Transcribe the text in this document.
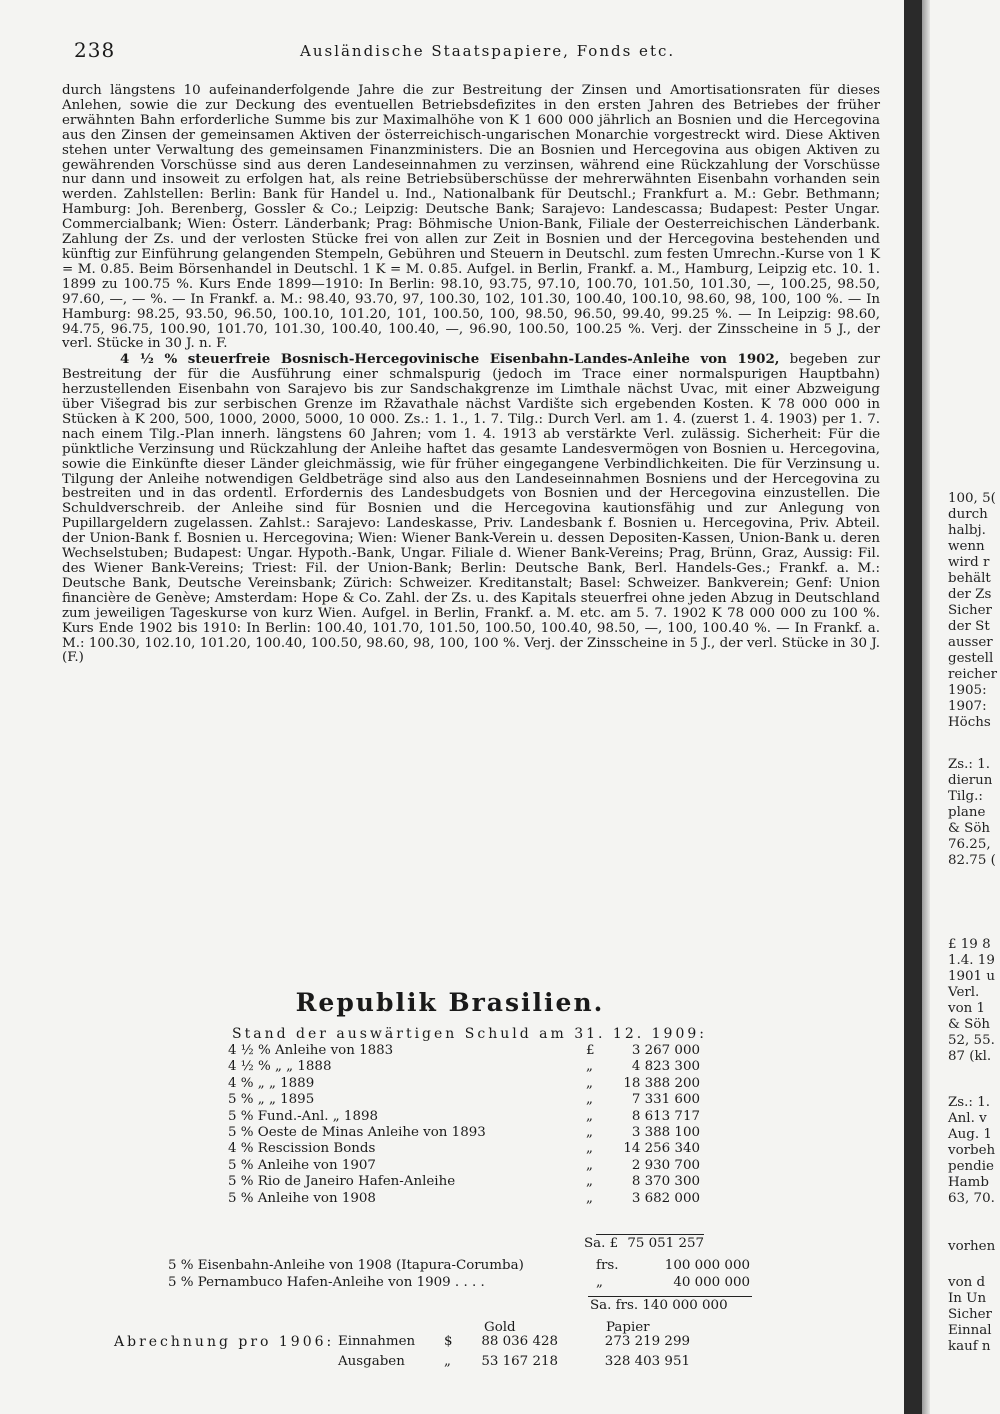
238	Ausländische Staatspapiere, Fonds etc.

durch längstens 10 aufeinanderfolgende Jahre die zur Bestreitung der Zinsen und Amortisationsraten für dieses Anlehen, sowie die zur Deckung des eventuellen Betriebsdefizites in den ersten Jahren des Betriebes der früher erwähnten Bahn erforderliche Summe bis zur Maximalhöhe von K 1 600 000 jährlich an Bosnien und die Hercegovina aus den Zinsen der gemeinsamen Aktiven der österreichisch-ungarischen Monarchie vorgestreckt wird. Diese Aktiven stehen unter Verwaltung des gemeinsamen Finanzministers. Die an Bosnien und Hercegovina aus obigen Aktiven zu gewährenden Vorschüsse sind aus deren Landeseinnahmen zu verzinsen, während eine Rückzahlung der Vorschüsse nur dann und insoweit zu erfolgen hat, als reine Betriebsüberschüsse der mehrerwähnten Eisenbahn vorhanden sein werden. Zahlstellen: Berlin: Bank für Handel u. Ind., Nationalbank für Deutschl.; Frankfurt a. M.: Gebr. Bethmann; Hamburg: Joh. Berenberg, Gossler & Co.; Leipzig: Deutsche Bank; Sarajevo: Landescassa; Budapest: Pester Ungar. Commercialbank; Wien: Österr. Länderbank; Prag: Böhmische Union-Bank, Filiale der Oesterreichischen Länderbank. Zahlung der Zs. und der verlosten Stücke frei von allen zur Zeit in Bosnien und der Hercegovina bestehenden und künftig zur Einführung gelangenden Stempeln, Gebühren und Steuern in Deutschl. zum festen Umrechn.-Kurse von 1 K = M. 0.85. Beim Börsenhandel in Deutschl. 1 K = M. 0.85. Aufgel. in Berlin, Frankf. a. M., Hamburg, Leipzig etc. 10. 1. 1899 zu 100.75 %. Kurs Ende 1899—1910: In Berlin: 98.10, 93.75, 97.10, 100.70, 101.50, 101.30, —, 100.25, 98.50, 97.60, —, — %. — In Frankf. a. M.: 98.40, 93.70, 97, 100.30, 102, 101.30, 100.40, 100.10, 98.60, 98, 100, 100 %. — In Hamburg: 98.25, 93.50, 96.50, 100.10, 101.20, 101, 100.50, 100, 98.50, 96.50, 99.40, 99.25 %. — In Leipzig: 98.60, 94.75, 96.75, 100.90, 101.70, 101.30, 100.40, 100.40, —, 96.90, 100.50, 100.25 %. Verj. der Zinsscheine in 5 J., der verl. Stücke in 30 J. n. F.

4 ½ % steuerfreie Bosnisch-Hercegovinische Eisenbahn-Landes-Anleihe von 1902, begeben zur Bestreitung der für die Ausführung einer schmalspurig (jedoch im Trace einer normalspurigen Hauptbahn) herzustellenden Eisenbahn von Sarajevo bis zur Sandschakgrenze im Limthale nächst Uvac, mit einer Abzweigung über Višegrad bis zur serbischen Grenze im Ržavathale nächst Vardište sich ergebenden Kosten. K 78 000 000 in Stücken à K 200, 500, 1000, 2000, 5000, 10 000. Zs.: 1. 1., 1. 7. Tilg.: Durch Verl. am 1. 4. (zuerst 1. 4. 1903) per 1. 7. nach einem Tilg.-Plan innerh. längstens 60 Jahren; vom 1. 4. 1913 ab verstärkte Verl. zulässig. Sicherheit: Für die pünktliche Verzinsung und Rückzahlung der Anleihe haftet das gesamte Landesvermögen von Bosnien u. Hercegovina, sowie die Einkünfte dieser Länder gleichmässig, wie für früher eingegangene Verbindlichkeiten. Die für Verzinsung u. Tilgung der Anleihe notwendigen Geldbeträge sind also aus den Landeseinnahmen Bosniens und der Hercegovina zu bestreiten und in das ordentl. Erfordernis des Landesbudgets von Bosnien und der Hercegovina einzustellen. Die Schuldverschreib. der Anleihe sind für Bosnien und die Hercegovina kautionsfähig und zur Anlegung von Pupillargeldern zugelassen. Zahlst.: Sarajevo: Landeskasse, Priv. Landesbank f. Bosnien u. Hercegovina, Priv. Abteil. der Union-Bank f. Bosnien u. Hercegovina; Wien: Wiener Bank-Verein u. dessen Depositen-Kassen, Union-Bank u. deren Wechselstuben; Budapest: Ungar. Hypoth.-Bank, Ungar. Filiale d. Wiener Bank-Vereins; Prag, Brünn, Graz, Aussig: Fil. des Wiener Bank-Vereins; Triest: Fil. der Union-Bank; Berlin: Deutsche Bank, Berl. Handels-Ges.; Frankf. a. M.: Deutsche Bank, Deutsche Vereinsbank; Zürich: Schweizer. Kreditanstalt; Basel: Schweizer. Bankverein; Genf: Union financière de Genève; Amsterdam: Hope & Co. Zahl. der Zs. u. des Kapitals steuerfrei ohne jeden Abzug in Deutschland zum jeweiligen Tageskurse von kurz Wien. Aufgel. in Berlin, Frankf. a. M. etc. am 5. 7. 1902 K 78 000 000 zu 100 %. Kurs Ende 1902 bis 1910: In Berlin: 100.40, 101.70, 101.50, 100.50, 100.40, 98.50, —, 100, 100.40 %. — In Frankf. a. M.: 100.30, 102.10, 101.20, 100.40, 100.50, 98.60, 98, 100, 100 %. Verj. der Zinsscheine in 5 J., der verl. Stücke in 30 J. (F.)

Republik Brasilien.
Stand der auswärtigen Schuld am 31. 12. 1909:
4 ½ % Anleihe von 1883	£	3 267 000
4 ½ % „ „ 1888	„	4 823 300
4 % „ „ 1889	„	18 388 200
5 % „ „ 1895	„	7 331 600
5 % Fund.-Anl. „ 1898	„	8 613 717
5 % Oeste de Minas Anleihe von 1893	„	3 388 100
4 % Rescission Bonds	„	14 256 340
5 % Anleihe von 1907	„	2 930 700
5 % Rio de Janeiro Hafen-Anleihe	„	8 370 300
5 % Anleihe von 1908	„	3 682 000
Sa. £ 75 051 257
5 % Eisenbahn-Anleihe von 1908 (Itapura-Corumba)	frs.	100 000 000
5 % Pernambuco Hafen-Anleihe von 1909 . . . .	„	40 000 000
Sa. frs. 140 000 000
Gold	Papier
Abrechnung pro 1906: Einnahmen $	88 036 428	273 219 299
Ausgaben	„	53 167 218	328 403 951
100, 5(
durch
halbj.
wenn
wird r
behält
der Zs
Sicher
der St
ausser
gestell
reicher
1905:
1907:
Höchs
Zs.: 1.
dierun
Tilg.:
plane
& Söh
76.25,
82.75 (
£ 19 8
1.4. 19
1901 u
Verl.
von 1
& Söh
52, 55.
87 (kl.
Zs.: 1.
Anl. v
Aug. 1
vorbeh
pendie
Hamb
63, 70.
vorhen
von d
In Un
Sicher
Einnal
kauf n
